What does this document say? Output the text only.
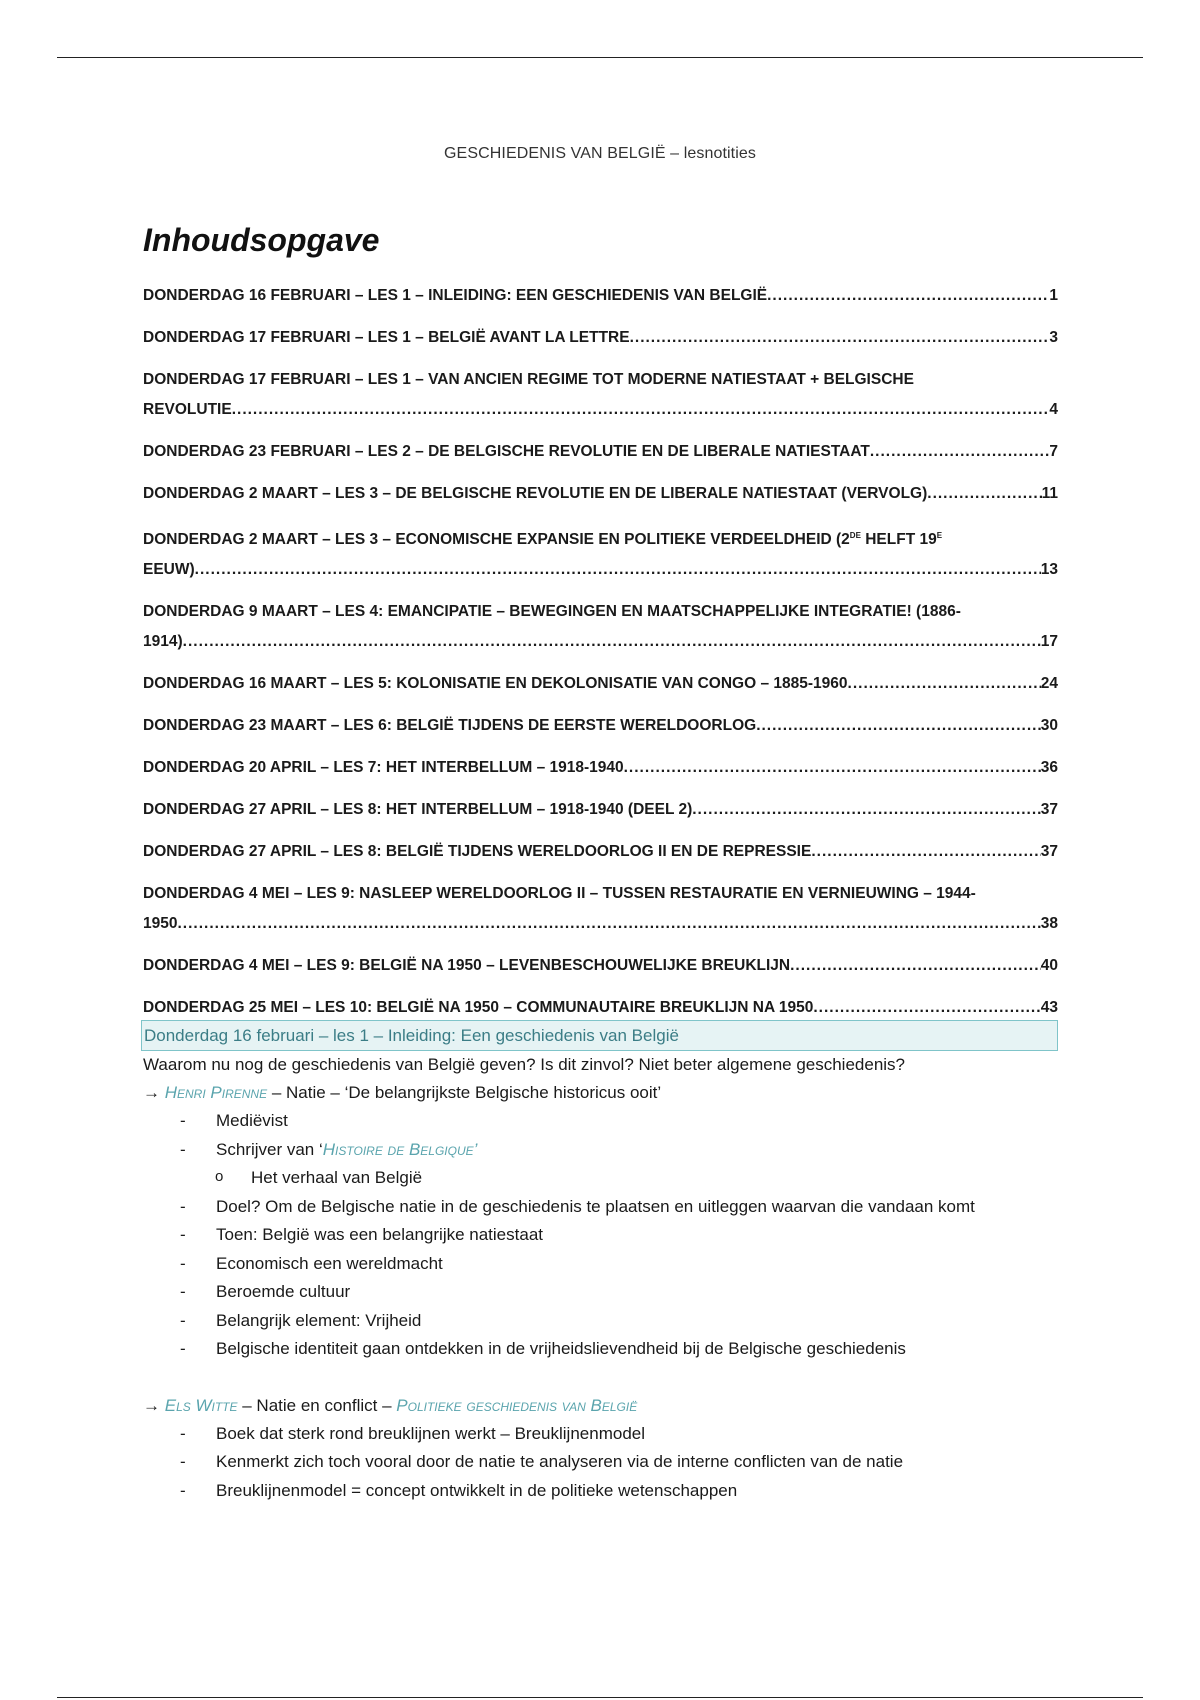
GESCHIEDENIS VAN BELGIË – lesnotities
Inhoudsopgave
DONDERDAG 16 FEBRUARI – LES 1 – INLEIDING: EEN GESCHIEDENIS VAN BELGIË .....	1
DONDERDAG 17 FEBRUARI – LES 1 – BELGIË AVANT LA LETTRE .....	3
DONDERDAG 17 FEBRUARI – LES 1 – VAN ANCIEN REGIME TOT MODERNE NATIESTAAT + BELGISCHE
REVOLUTIE .....	4
DONDERDAG 23 FEBRUARI – LES 2 – DE BELGISCHE REVOLUTIE EN DE LIBERALE NATIESTAAT .....	7
DONDERDAG 2 MAART – LES 3 – DE BELGISCHE REVOLUTIE EN DE LIBERALE NATIESTAAT (VERVOLG) .....	11
DONDERDAG 2 MAART – LES 3 – ECONOMISCHE EXPANSIE EN POLITIEKE VERDEELDHEID (2DE HELFT $19^E$
EEUW) .....	13
DONDERDAG 9 MAART – LES 4: EMANCIPATIE – BEWEGINGEN EN MAATSCHAPPELIJKE INTEGRATIE! (1886-
1914) .....	17
DONDERDAG 16 MAART – LES 5: KOLONISATIE EN DEKOLONISATIE VAN CONGO – 1885-1960 .....	24
DONDERDAG 23 MAART – LES 6: BELGIË TIJDENS DE EERSTE WERELDOORLOG .....	30
DONDERDAG 20 APRIL – LES 7: HET INTERBELLUM – 1918-1940 .....	36
DONDERDAG 27 APRIL – LES 8: HET INTERBELLUM – 1918-1940 (DEEL 2) .....	37
DONDERDAG 27 APRIL – LES 8: BELGIË TIJDENS WERELDOORLOG II EN DE REPRESSIE .....	37
DONDERDAG 4 MEI – LES 9: NASLEEP WERELDOORLOG II – TUSSEN RESTAURATIE EN VERNIEUWING – 1944-
1950 .....	38
DONDERDAG 4 MEI – LES 9: BELGIË NA 1950 – LEVENBESCHOUWELIJKE BREUKLIJN .....	40
DONDERDAG 25 MEI – LES 10: BELGIË NA 1950 – COMMUNAUTAIRE BREUKLIJN NA 1950 .....	43
Donderdag 16 februari – les 1 – Inleiding: Een geschiedenis van België
Waarom nu nog de geschiedenis van België geven? Is dit zinvol? Niet beter algemene geschiedenis?
→ Henri Pirenne – Natie – ‘De belangrijkste Belgische historicus ooit’
- Mediëvist
- Schrijver van ‘Histoire de Belgique’
o Het verhaal van België
- Doel? Om de Belgische natie in de geschiedenis te plaatsen en uitleggen waarvan die vandaan komt
- Toen: België was een belangrijke natiestaat
- Economisch een wereldmacht
- Beroemde cultuur
- Belangrijk element: Vrijheid
- Belgische identiteit gaan ontdekken in de vrijheidslievendheid bij de Belgische geschiedenis
→ Els Witte – Natie en conflict – Politieke geschiedenis van België
- Boek dat sterk rond breuklijnen werkt – Breuklijnenmodel
- Kenmerkt zich toch vooral door de natie te analyseren via de interne conflicten van de natie
- Breuklijnenmodel = concept ontwikkelt in de politieke wetenschappen
